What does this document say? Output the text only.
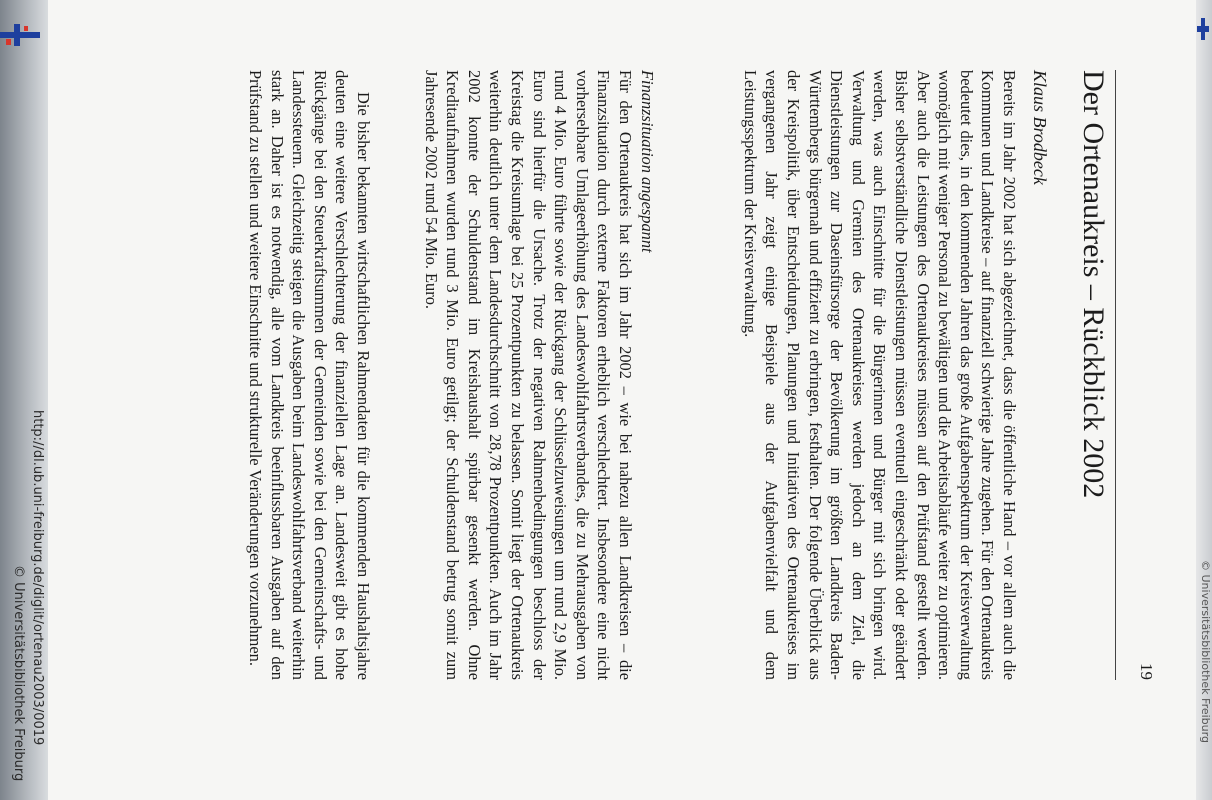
19
Der Ortenaukreis – Rückblick 2002
Klaus Brodbeck
Bereits im Jahr 2002 hat sich abgezeichnet, dass die öffentliche Hand – vor allem auch die Kommunen und Landkreise – auf finanziell schwierige Jahre zugehen. Für den Ortenaukreis bedeutet dies, in den kommenden Jahren das große Aufgabenspektrum der Kreisverwaltung womöglich mit weniger Personal zu bewältigen und die Arbeitsabläufe weiter zu optimieren. Aber auch die Leistungen des Ortenaukreises müssen auf den Prüfstand gestellt werden. Bisher selbstverständliche Dienstleistungen müssen eventuell eingeschränkt oder geändert werden, was auch Einschnitte für die Bürgerinnen und Bürger mit sich bringen wird. Verwaltung und Gremien des Ortenaukreises werden jedoch an dem Ziel, die Dienstleistungen zur Daseinsfürsorge der Bevölkerung im größten Landkreis Baden-Württembergs bürgernah und effizient zu erbringen, festhalten. Der folgende Überblick aus der Kreispolitik, über Entscheidungen, Planungen und Initiativen des Ortenaukreises im vergangenen Jahr zeigt einige Beispiele aus der Aufgabenvielfalt und dem Leistungsspektrum der Kreisverwaltung.
Finanzsituation angespannt
Für den Ortenaukreis hat sich im Jahr 2002 – wie bei nahezu allen Landkreisen – die Finanzsituation durch externe Faktoren erheblich verschlechtert. Insbesondere eine nicht vorhersehbare Umlageerhöhung des Landeswohlfahrtsverbandes, die zu Mehrausgaben von rund 4 Mio. Euro führte sowie der Rückgang der Schlüsselzuweisungen um rund 2,9 Mio. Euro sind hierfür die Ursache. Trotz der negativen Rahmenbedingungen beschloss der Kreistag die Kreisumlage bei 25 Prozentpunkten zu belassen. Somit liegt der Ortenaukreis weiterhin deutlich unter dem Landesdurchschnitt von 28,78 Prozentpunkten. Auch im Jahr 2002 konnte der Schuldenstand im Kreishaushalt spürbar gesenkt werden. Ohne Kreditaufnahmen wurden rund 3 Mio. Euro getilgt; der Schuldenstand betrug somit zum Jahresende 2002 rund 54 Mio. Euro.
Die bisher bekannten wirtschaftlichen Rahmendaten für die kommenden Haushaltsjahre deuten eine weitere Verschlechterung der finanziellen Lage an. Landesweit gibt es hohe Rückgänge bei den Steuerkraftsummen der Gemeinden sowie bei den Gemeinschafts- und Landessteuern. Gleichzeitig steigen die Ausgaben beim Landeswohlfahrtsverband weiterhin stark an. Daher ist es notwendig, alle vom Landkreis beeinflussbaren Ausgaben auf den Prüfstand zu stellen und weitere Einschnitte und strukturelle Veränderungen vorzunehmen.
http://dl.ub.uni-freiburg.de/diglit/ortenau2003/0019
© Universitätsbibliothek Freiburg	© Universitätsbibliothek Freiburg
